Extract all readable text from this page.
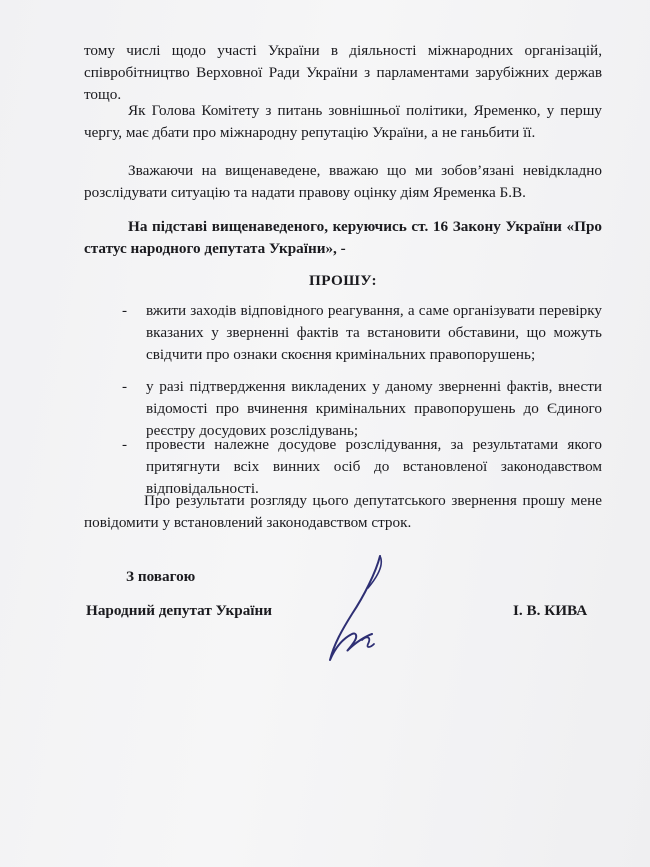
тому числі щодо участі України в діяльності міжнародних організацій, співробітництво Верховної Ради України з парламентами зарубіжних держав тощо.

Як Голова Комітету з питань зовнішньої політики, Яременко, у першу чергу, має дбати про міжнародну репутацію України, а не ганьбити її.

Зважаючи на вищенаведене, вважаю що ми зобов’язані невідкладно розслідувати ситуацію та надати правову оцінку діям Яременка Б.В.

На підставі вищенаведеного, керуючись ст. 16 Закону України «Про статус народного депутата України», -

ПРОШУ:

- вжити заходів відповідного реагування, а саме організувати перевірку вказаних у зверненні фактів та встановити обставини, що можуть свідчити про ознаки скоєння кримінальних правопорушень;

- у разі підтвердження викладених у даному зверненні фактів, внести відомості про вчинення кримінальних правопорушень до Єдиного реєстру досудових розслідувань;

- провести належне досудове розслідування, за результатами якого притягнути всіх винних осіб до встановленої законодавством відповідальності.

Про результати розгляду цього депутатського звернення прошу мене повідомити у встановлений законодавством строк.

З повагою
Народний депутат України	І. В. КИВА
